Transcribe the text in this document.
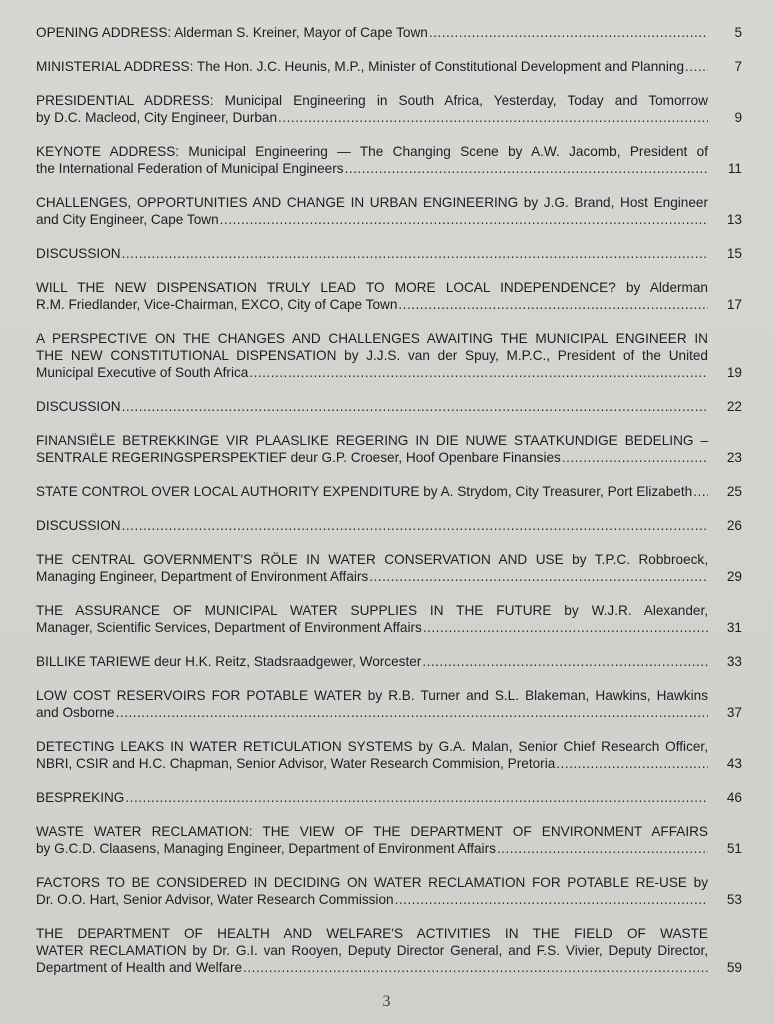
OPENING ADDRESS: Alderman S. Kreiner, Mayor of Cape Town .....	5
MINISTERIAL ADDRESS: The Hon. J.C. Heunis, M.P., Minister of Constitutional Development and Planning .....	7
PRESIDENTIAL ADDRESS: Municipal Engineering in South Africa, Yesterday, Today and Tomorrow
by D.C. Macleod, City Engineer, Durban .....	9
KEYNOTE ADDRESS: Municipal Engineering — The Changing Scene by A.W. Jacomb, President of
the International Federation of Municipal Engineers .....	11
CHALLENGES, OPPORTUNITIES AND CHANGE IN URBAN ENGINEERING by J.G. Brand, Host Engineer
and City Engineer, Cape Town .....	13
DISCUSSION .....	15
WILL THE NEW DISPENSATION TRULY LEAD TO MORE LOCAL INDEPENDENCE? by Alderman
R.M. Friedlander, Vice-Chairman, EXCO, City of Cape Town .....	17
A PERSPECTIVE ON THE CHANGES AND CHALLENGES AWAITING THE MUNICIPAL ENGINEER IN
THE NEW CONSTITUTIONAL DISPENSATION by J.J.S. van der Spuy, M.P.C., President of the United
Municipal Executive of South Africa .....	19
DISCUSSION .....	22
FINANSIËLE BETREKKINGE VIR PLAASLIKE REGERING IN DIE NUWE STAATKUNDIGE BEDELING –
SENTRALE REGERINGSPERSPEKTIEF deur G.P. Croeser, Hoof Openbare Finansies .....	23
STATE CONTROL OVER LOCAL AUTHORITY EXPENDITURE by A. Strydom, City Treasurer, Port Elizabeth .....	25
DISCUSSION .....	26
THE CENTRAL GOVERNMENT'S RÖLE IN WATER CONSERVATION AND USE by T.P.C. Robbroeck,
Managing Engineer, Department of Environment Affairs .....	29
THE ASSURANCE OF MUNICIPAL WATER SUPPLIES IN THE FUTURE by W.J.R. Alexander,
Manager, Scientific Services, Department of Environment Affairs .....	31
BILLIKE TARIEWE deur H.K. Reitz, Stadsraadgewer, Worcester .....	33
LOW COST RESERVOIRS FOR POTABLE WATER by R.B. Turner and S.L. Blakeman, Hawkins, Hawkins
and Osborne .....	37
DETECTING LEAKS IN WATER RETICULATION SYSTEMS by G.A. Malan, Senior Chief Research Officer,
NBRI, CSIR and H.C. Chapman, Senior Advisor, Water Research Commision, Pretoria .....	43
BESPREKING .....	46
WASTE WATER RECLAMATION: THE VIEW OF THE DEPARTMENT OF ENVIRONMENT AFFAIRS
by G.C.D. Claasens, Managing Engineer, Department of Environment Affairs .....	51
FACTORS TO BE CONSIDERED IN DECIDING ON WATER RECLAMATION FOR POTABLE RE-USE by
Dr. O.O. Hart, Senior Advisor, Water Research Commission .....	53
THE DEPARTMENT OF HEALTH AND WELFARE'S ACTIVITIES IN THE FIELD OF WASTE
WATER RECLAMATION by Dr. G.I. van Rooyen, Deputy Director General, and F.S. Vivier, Deputy Director,
Department of Health and Welfare .....	59
3
